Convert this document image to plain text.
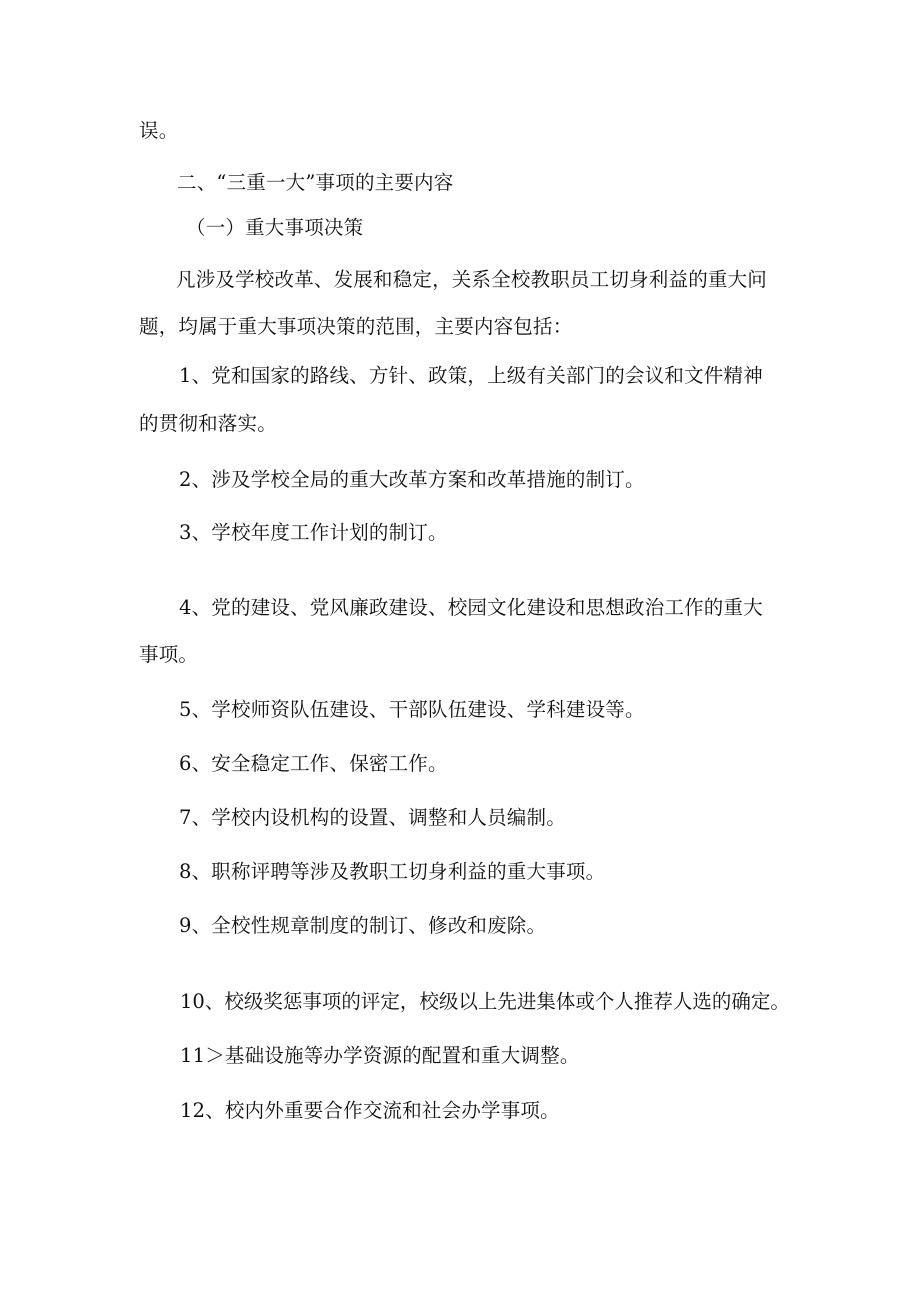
误。
二、“三重一大”事项的主要内容
（一）重大事项决策
凡涉及学校改革、发展和稳定，关系全校教职员工切身利益的重大问
题，均属于重大事项决策的范围，主要内容包括：
1、党和国家的路线、方针、政策，上级有关部门的会议和文件精神
的贯彻和落实。
2、涉及学校全局的重大改革方案和改革措施的制订。
3、学校年度工作计划的制订。
4、党的建设、党风廉政建设、校园文化建设和思想政治工作的重大
事项。
5、学校师资队伍建设、干部队伍建设、学科建设等。
6、安全稳定工作、保密工作。
7、学校内设机构的设置、调整和人员编制。
8、职称评聘等涉及教职工切身利益的重大事项。
9、全校性规章制度的制订、修改和废除。
10、校级奖惩事项的评定，校级以上先进集体或个人推荐人选的确定。
11＞基础设施等办学资源的配置和重大调整。
12、校内外重要合作交流和社会办学事项。
